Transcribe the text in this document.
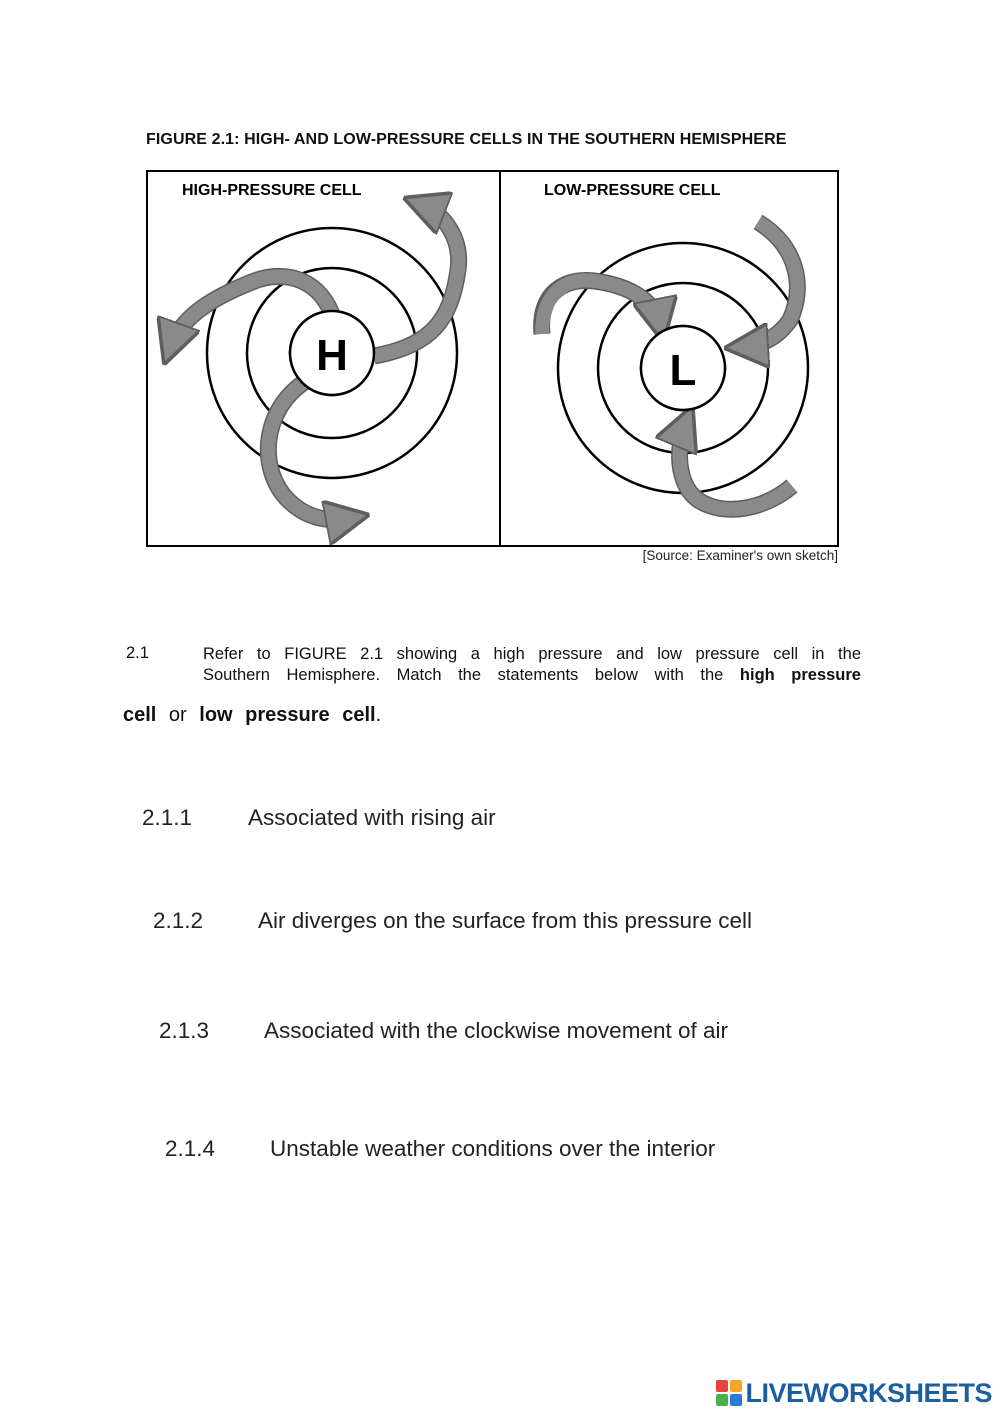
FIGURE 2.1: HIGH- AND LOW-PRESSURE CELLS IN THE SOUTHERN HEMISPHERE
HIGH-PRESSURE CELL	LOW-PRESSURE CELL
H	L
[Source: Examiner's own sketch]
2.1	Refer to FIGURE 2.1 showing a high pressure and low pressure cell in the
Southern Hemisphere. Match the statements below with the high pressure
cell or low pressure cell.
2.1.1 Associated with rising air
2.1.2 Air diverges on the surface from this pressure cell
2.1.3 Associated with the clockwise movement of air
2.1.4 Unstable weather conditions over the interior
LIVEWORKSHEETS
